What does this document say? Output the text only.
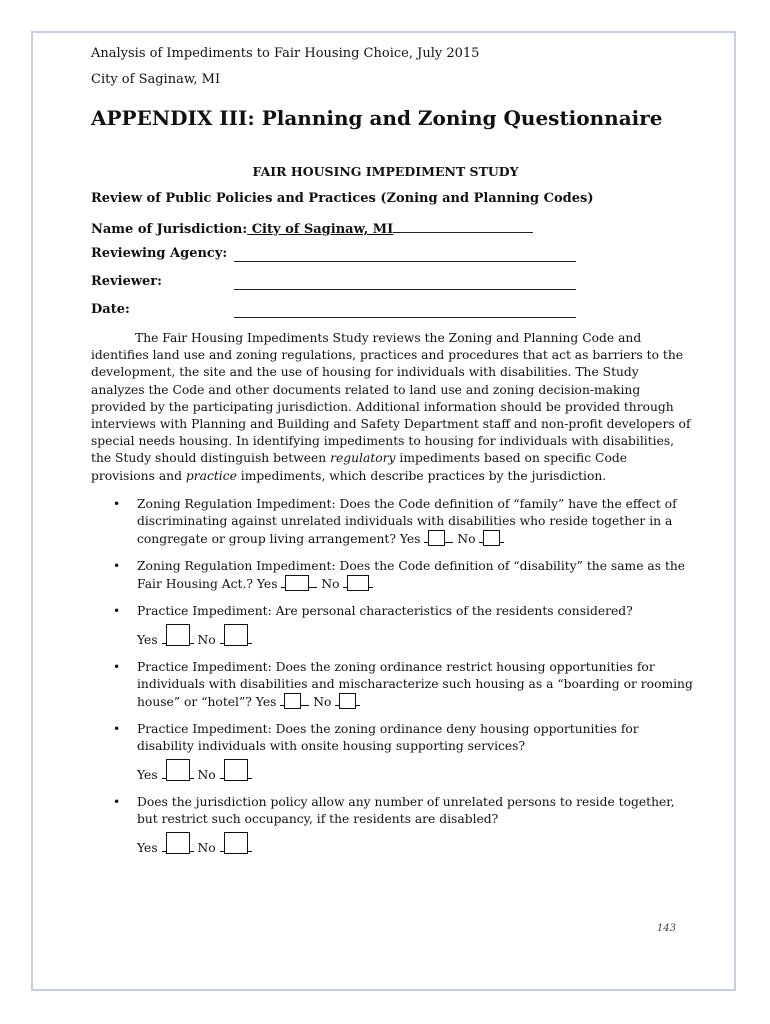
Analysis of Impediments to Fair Housing Choice, July 2015
City of Saginaw, MI
APPENDIX III: Planning and Zoning Questionnaire
FAIR HOUSING IMPEDIMENT STUDY
Review of Public Policies and Practices (Zoning and Planning Codes)
Name of Jurisdiction: City of Saginaw, MI
Reviewing Agency:
Reviewer:
Date:
The Fair Housing Impediments Study reviews the Zoning and Planning Code and identifies land use and zoning regulations, practices and procedures that act as barriers to the development, the site and the use of housing for individuals with disabilities. The Study analyzes the Code and other documents related to land use and zoning decision-making provided by the participating jurisdiction. Additional information should be provided through interviews with Planning and Building and Safety Department staff and non-profit developers of special needs housing. In identifying impediments to housing for individuals with disabilities, the Study should distinguish between regulatory impediments based on specific Code provisions and practice impediments, which describe practices by the jurisdiction.
• Zoning Regulation Impediment: Does the Code definition of “family” have the effect of discriminating against unrelated individuals with disabilities who reside together in a congregate or group living arrangement? Yes	No
• Zoning Regulation Impediment: Does the Code definition of “disability” the same as the Fair Housing Act.? Yes	No
• Practice Impediment: Are personal characteristics of the residents considered?
Yes	No
• Practice Impediment: Does the zoning ordinance restrict housing opportunities for individuals with disabilities and mischaracterize such housing as a “boarding or rooming house” or “hotel”? Yes	No
• Practice Impediment: Does the zoning ordinance deny housing opportunities for disability individuals with onsite housing supporting services?
Yes	No
• Does the jurisdiction policy allow any number of unrelated persons to reside together, but restrict such occupancy, if the residents are disabled?
Yes	No
143
